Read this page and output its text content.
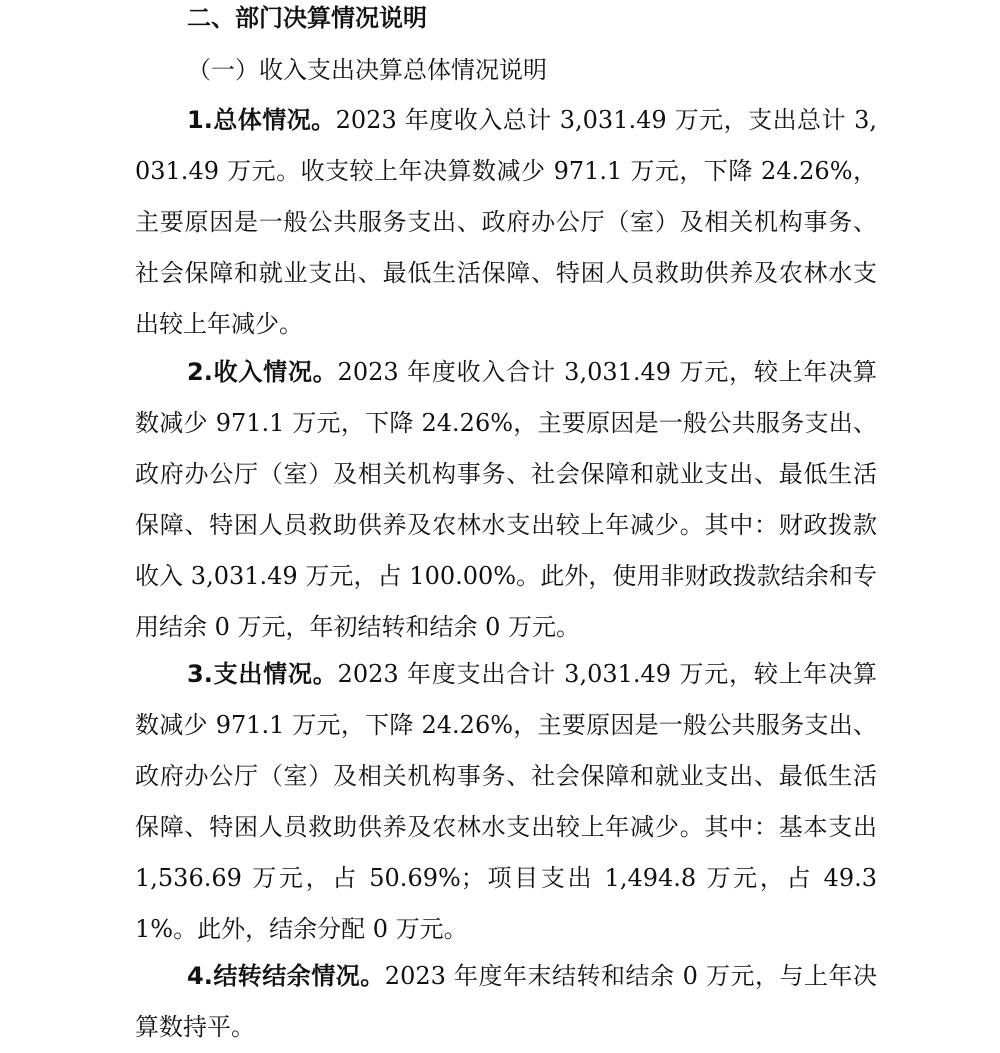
二、部门决算情况说明
（一）收入支出决算总体情况说明

1.总体情况。2023 年度收入总计 3,031.49 万元，支出总计 3,031.49 万元。收支较上年决算数减少 971.1 万元，下降 24.26%，主要原因是一般公共服务支出、政府办公厅（室）及相关机构事务、社会保障和就业支出、最低生活保障、特困人员救助供养及农林水支出较上年减少。

2.收入情况。2023 年度收入合计 3,031.49 万元，较上年决算数减少 971.1 万元，下降 24.26%，主要原因是一般公共服务支出、政府办公厅（室）及相关机构事务、社会保障和就业支出、最低生活保障、特困人员救助供养及农林水支出较上年减少。其中：财政拨款收入 3,031.49 万元，占 100.00%。此外，使用非财政拨款结余和专用结余 0 万元，年初结转和结余 0 万元。

3.支出情况。2023 年度支出合计 3,031.49 万元，较上年决算数减少 971.1 万元，下降 24.26%，主要原因是一般公共服务支出、政府办公厅（室）及相关机构事务、社会保障和就业支出、最低生活保障、特困人员救助供养及农林水支出较上年减少。其中：基本支出 1,536.69 万元，占 50.69%；项目支出 1,494.8 万元，占 49.31%。此外，结余分配 0 万元。

4.结转结余情况。2023 年度年末结转和结余 0 万元，与上年决算数持平。
